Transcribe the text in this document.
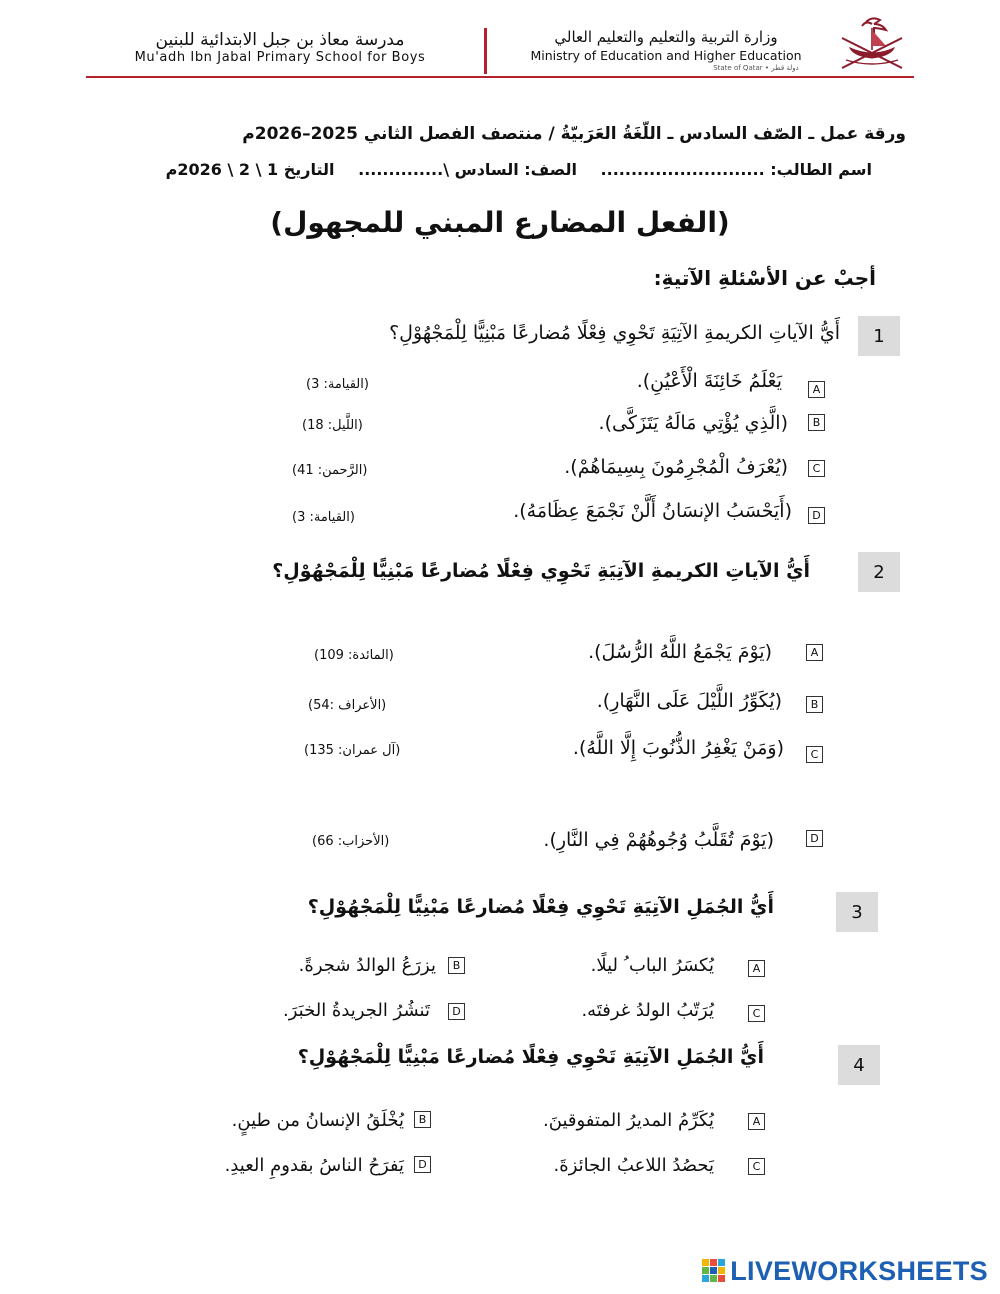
مدرسة معاذ بن جبل الابتدائية للبنين
Mu'adh Ibn Jabal Primary School for Boys
وزارة التربية والتعليم والتعليم العالي
Ministry of Education and Higher Education
State of Qatar • دولة قطر
ورقة عمل ـ الصّف السادس ـ اللّغَةُ العَرَبيّةُ / منتصف الفصل الثاني 2025–2026م
اسم الطالب: ........................... الصف: السادس \.............. التاريخ 1 \ 2 \ 2026م
(الفعل المضارع المبني للمجهول)
أجبْ عن الأسْئلةِ الآتيةِ:
1
أَيُّ الآياتِ الكريمةِ الآتِيَةِ تَحْوِي فِعْلًا مُضارعًا مَبْنِيًّا لِلْمَجْهُوْلِ؟
A
يَعْلَمُ خَائِنَةَ الْأَعْيُنِ).
(القيامة: 3)
B
(الَّذِي يُؤْتِي مَالَهُ يَتَزَكَّى).
(اللَّيل: 18)
C
(يُعْرَفُ الْمُجْرِمُونَ بِسِيمَاهُمْ).
(الرَّحمن: 41)
D
(أَيَحْسَبُ الإنسَانُ أَلَّنْ نَجْمَعَ عِظَامَهُ).
(القيامة: 3)
2
أَيُّ الآياتِ الكريمةِ الآتِيَةِ تَحْوِي فِعْلًا مُضارعًا مَبْنِيًّا لِلْمَجْهُوْلِ؟
A
(يَوْمَ يَجْمَعُ اللَّهُ الرُّسُلَ).
(المائدة: 109)
B
(يُكَوِّرُ اللَّيْلَ عَلَى النَّهَارِ).
(الأعراف :54)
C
(وَمَنْ يَغْفِرُ الذُّنُوبَ إِلَّا اللَّهُ).
(آل عمران: 135)
D
(يَوْمَ تُقَلَّبُ وُجُوهُهُمْ فِي النَّارِ).
(الأحزاب: 66)
3
أَيُّ الجُمَلِ الآتِيَةِ تَحْوِي فِعْلًا مُضارعًا مَبْنِيًّا لِلْمَجْهُوْلِ؟
A
يُكسَرُ الباب ُ ليلًا.
B
يزرَعُ الوالدُ شجرةً.
C
يُرَتّبُ الولدُ غرفتَه.
D
تَنشُرُ الجريدةُ الخبَرَ.
4
أَيُّ الجُمَلِ الآتِيَةِ تَحْوِي فِعْلًا مُضارعًا مَبْنِيًّا لِلْمَجْهُوْلِ؟
A
يُكَرِّمُ المديرُ المتفوقينَ.
B
يُخْلَقُ الإنسانُ من طينٍ.
C
يَحصُدُ اللاعبُ الجائزةَ.
D
يَفرَحُ الناسُ بقدومِ العيدِ.
LIVEWORKSHEETS
